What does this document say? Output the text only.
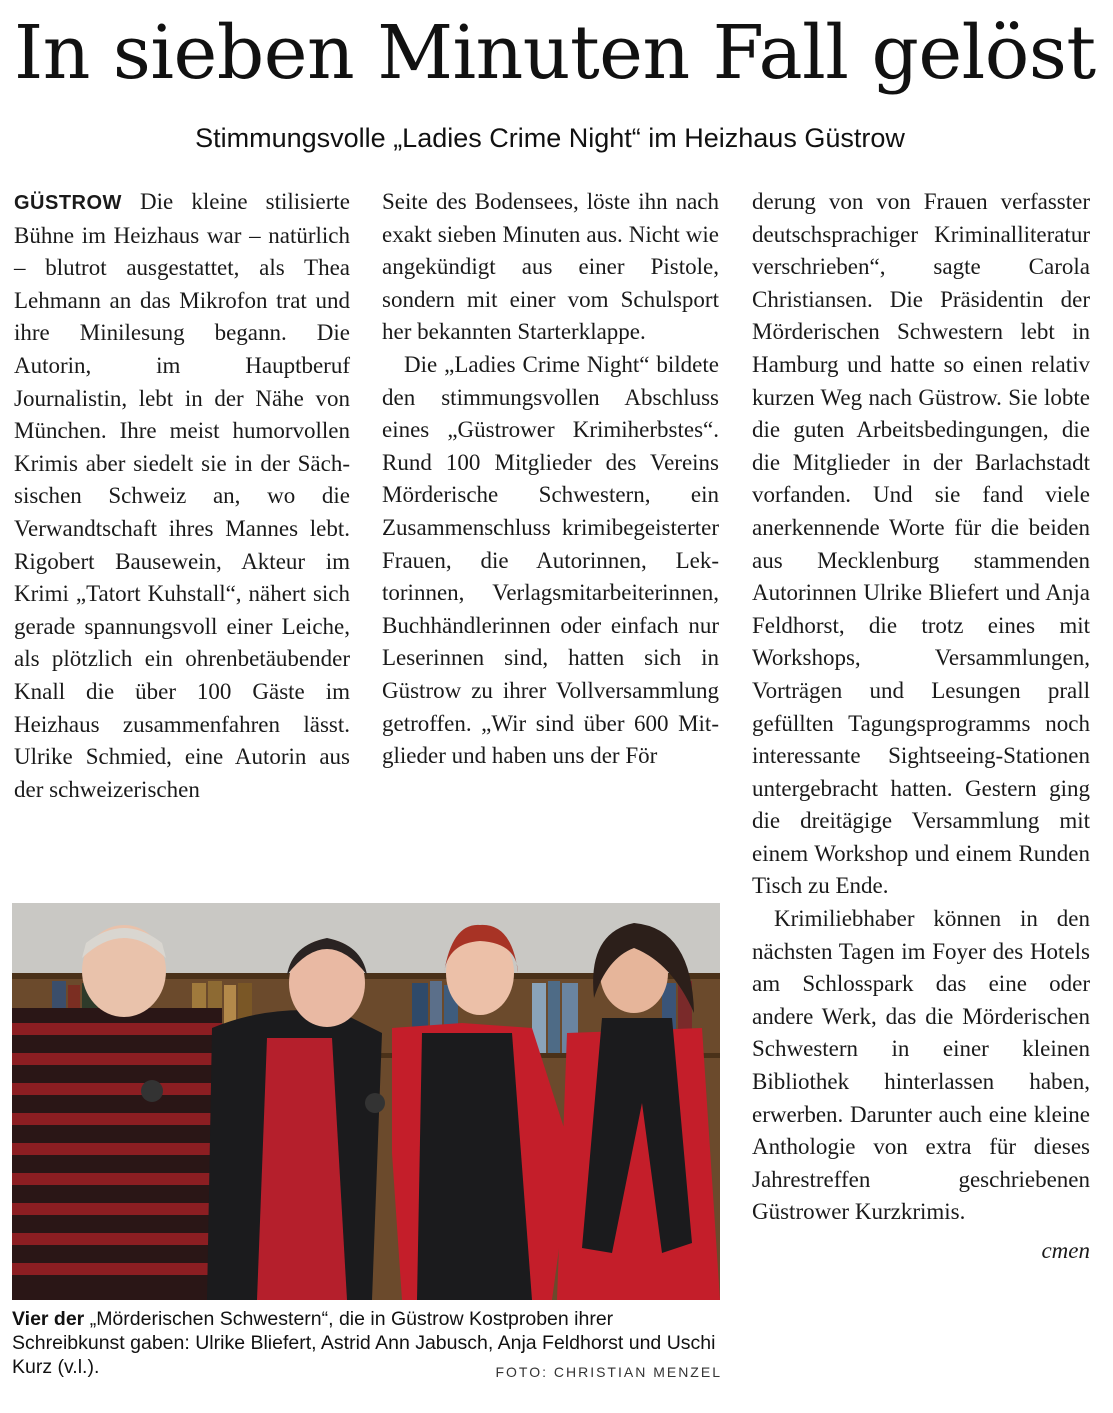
In sieben Minuten Fall gelöst
Stimmungsvolle „Ladies Crime Night“ im Heizhaus Güstrow

GÜSTROW Die kleine stilisierte Bühne im Heizhaus war – natürlich – blutrot ausgestattet, als Thea Lehmann an das Mikrofon trat und ihre Minilesung begann. Die Autorin, im Hauptberuf Journalistin, lebt in der Nähe von München. Ihre meist humorvollen Krimis aber siedelt sie in der Sächsischen Schweiz an, wo die Verwandtschaft ihres Mannes lebt. Rigobert Bausewein, Akteur im Krimi „Tatort Kuhstall“, nähert sich gerade spannungsvoll einer Leiche, als plötzlich ein ohrenbetäubender Knall die über 100 Gäste im Heizhaus zusammenfahren lässt. Ulrike Schmied, eine Autorin aus der schweizerischen

Seite des Bodensees, löste ihn nach exakt sieben Minuten aus. Nicht wie angekündigt aus einer Pistole, sondern mit einer vom Schulsport her bekannten Starterklappe.

Die „Ladies Crime Night“ bildete den stimmungsvollen Abschluss eines „Güstrower Krimiherbstes“. Rund 100 Mitglieder des Vereins Mörderische Schwestern, ein Zusammenschluss krimibegeisterter Frauen, die Autorinnen, Lektorinnen, Verlagsmitarbeiterinnen, Buchhändlerinnen oder einfach nur Leserinnen sind, hatten sich in Güstrow zu ihrer Vollversammlung getroffen. „Wir sind über 600 Mitglieder und haben uns der För

derung von von Frauen verfasster deutschsprachiger Kriminalliteratur verschrieben“, sagte Carola Christiansen. Die Präsidentin der Mörderischen Schwestern lebt in Hamburg und hatte so einen relativ kurzen Weg nach Güstrow. Sie lobte die guten Arbeitsbedingungen, die die Mitglieder in der Barlachstadt vorfanden. Und sie fand viele anerkennende Worte für die beiden aus Mecklenburg stammenden Autorinnen Ulrike Bliefert und Anja Feldhorst, die trotz eines mit Workshops, Versammlungen, Vorträgen und Lesungen prall gefüllten Tagungsprogramms noch interessante Sightseeing-Stationen untergebracht hatten. Gestern ging die dreitägige Versammlung mit einem Workshop und einem Runden Tisch zu Ende.

Krimiliebhaber können in den nächsten Tagen im Foyer des Hotels am Schlosspark das eine oder andere Werk, das die Mörderischen Schwestern in einer kleinen Bibliothek hinterlassen haben, erwerben. Darunter auch eine kleine Anthologie von extra für dieses Jahrestreffen geschriebenen Güstrower Kurzkrimis.

cmen

Vier der „Mörderischen Schwestern“, die in Güstrow Kostproben ihrer Schreibkunst gaben: Ulrike Bliefert, Astrid Ann Jabusch, Anja Feldhorst und Uschi Kurz (v.l.).	FOTO: CHRISTIAN MENZEL
